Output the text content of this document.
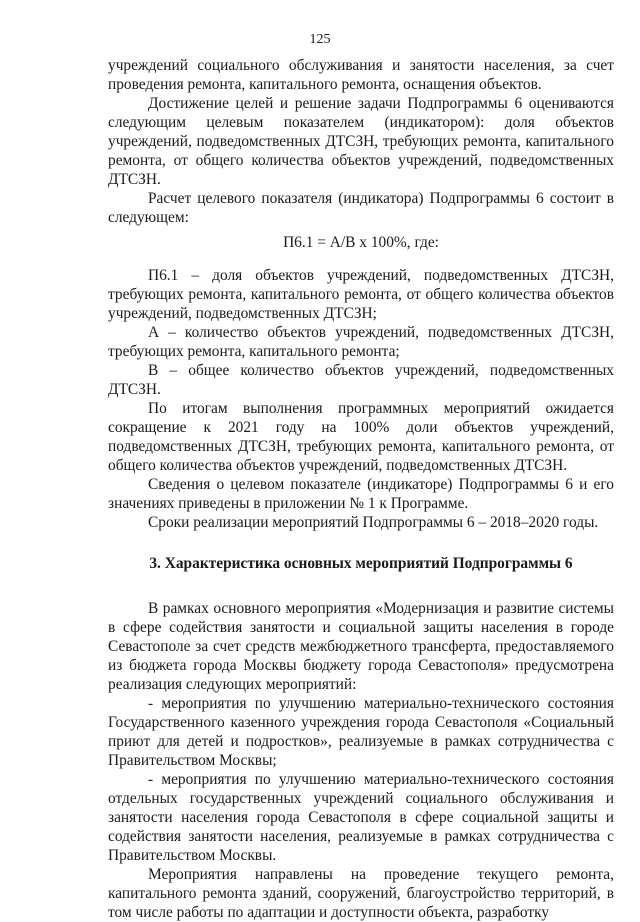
125

учреждений социального обслуживания и занятости населения, за счет проведения ремонта, капитального ремонта, оснащения объектов.

Достижение целей и решение задачи Подпрограммы 6 оцениваются следующим целевым показателем (индикатором): доля объектов учреждений, подведомственных ДТСЗН, требующих ремонта, капитального ремонта, от общего количества объектов учреждений, подведомственных ДТСЗН.

Расчет целевого показателя (индикатора) Подпрограммы 6 состоит в следующем:

П6.1 = А/В х 100%, где:

П6.1 – доля объектов учреждений, подведомственных ДТСЗН, требующих ремонта, капитального ремонта, от общего количества объектов учреждений, подведомственных ДТСЗН;

А – количество объектов учреждений, подведомственных ДТСЗН, требующих ремонта, капитального ремонта;

В – общее количество объектов учреждений, подведомственных ДТСЗН.

По итогам выполнения программных мероприятий ожидается сокращение к 2021 году на 100% доли объектов учреждений, подведомственных ДТСЗН, требующих ремонта, капитального ремонта, от общего количества объектов учреждений, подведомственных ДТСЗН.

Сведения о целевом показателе (индикаторе) Подпрограммы 6 и его значениях приведены в приложении № 1 к Программе.

Сроки реализации мероприятий Подпрограммы 6 – 2018–2020 годы.

3. Характеристика основных мероприятий Подпрограммы 6

В рамках основного мероприятия «Модернизация и развитие системы в сфере содействия занятости и социальной защиты населения в городе Севастополе за счет средств межбюджетного трансферта, предоставляемого из бюджета города Москвы бюджету города Севастополя» предусмотрена реализация следующих мероприятий:

- мероприятия по улучшению материально-технического состояния Государственного казенного учреждения города Севастополя «Социальный приют для детей и подростков», реализуемые в рамках сотрудничества с Правительством Москвы;

- мероприятия по улучшению материально-технического состояния отдельных государственных учреждений социального обслуживания и занятости населения города Севастополя в сфере социальной защиты и содействия занятости населения, реализуемые в рамках сотрудничества с Правительством Москвы.

Мероприятия направлены на проведение текущего ремонта, капитального ремонта зданий, сооружений, благоустройство территорий, в том числе работы по адаптации и доступности объекта, разработку
